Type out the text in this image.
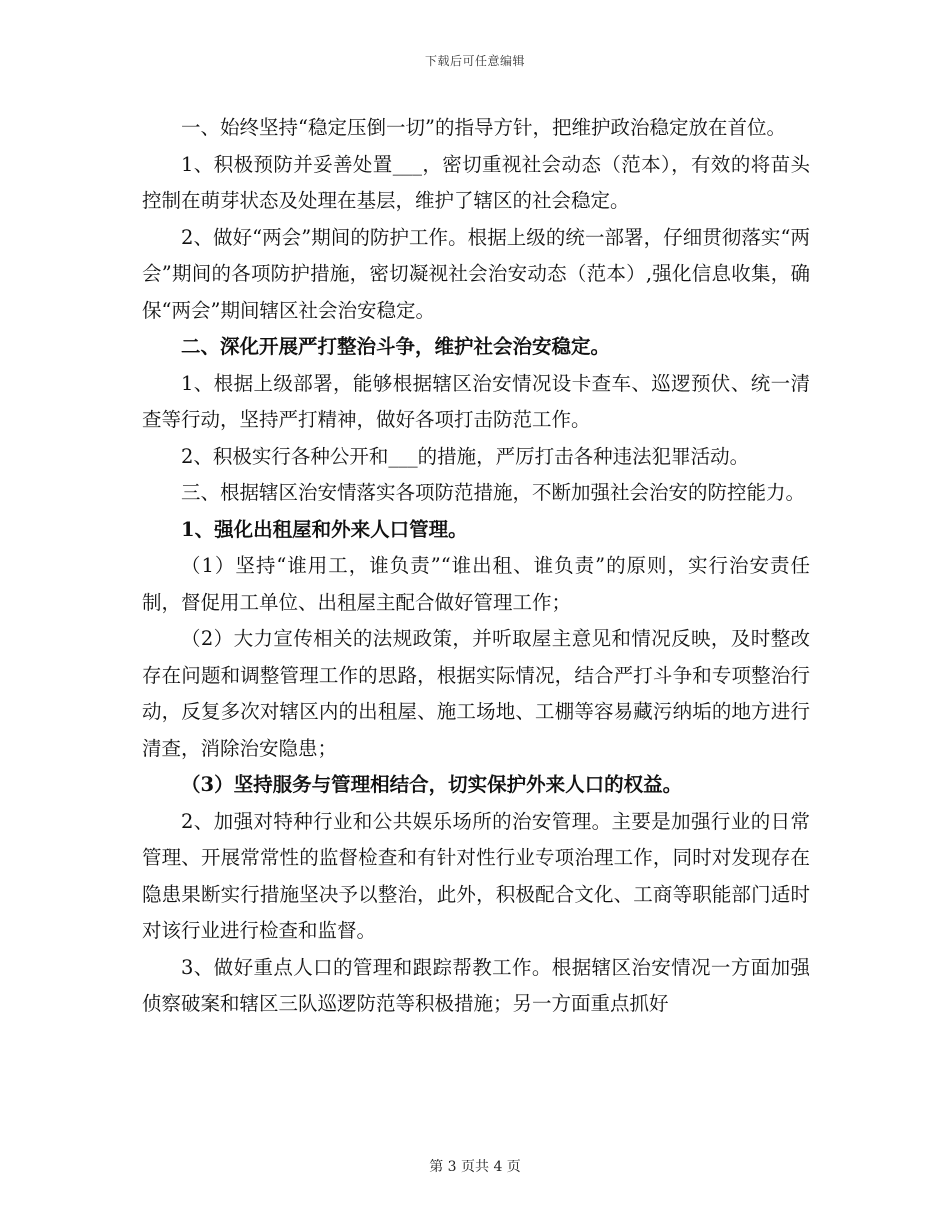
下载后可任意编辑

一、始终坚持“稳定压倒一切”的指导方针，把维护政治稳定放在首位。

1、积极预防并妥善处置___，密切重视社会动态（范本），有效的将苗头控制在萌芽状态及处理在基层，维护了辖区的社会稳定。

2、做好“两会”期间的防护工作。根据上级的统一部署，仔细贯彻落实“两会”期间的各项防护措施，密切凝视社会治安动态（范本）,强化信息收集，确保“两会”期间辖区社会治安稳定。

二、深化开展严打整治斗争，维护社会治安稳定。

1、根据上级部署，能够根据辖区治安情况设卡查车、巡逻预伏、统一清查等行动，坚持严打精神，做好各项打击防范工作。

2、积极实行各种公开和___的措施，严厉打击各种违法犯罪活动。

三、根据辖区治安情落实各项防范措施，不断加强社会治安的防控能力。

1、强化出租屋和外来人口管理。

（1）坚持“谁用工，谁负责”“谁出租、谁负责”的原则，实行治安责任制，督促用工单位、出租屋主配合做好管理工作；

（2）大力宣传相关的法规政策，并听取屋主意见和情况反映，及时整改存在问题和调整管理工作的思路，根据实际情况，结合严打斗争和专项整治行动，反复多次对辖区内的出租屋、施工场地、工棚等容易藏污纳垢的地方进行清查，消除治安隐患；

（3）坚持服务与管理相结合，切实保护外来人口的权益。

2、加强对特种行业和公共娱乐场所的治安管理。主要是加强行业的日常管理、开展常常性的监督检查和有针对性行业专项治理工作，同时对发现存在隐患果断实行措施坚决予以整治，此外，积极配合文化、工商等职能部门适时对该行业进行检查和监督。

3、做好重点人口的管理和跟踪帮教工作。根据辖区治安情况一方面加强侦察破案和辖区三队巡逻防范等积极措施；另一方面重点抓好

第 3 页共 4 页
